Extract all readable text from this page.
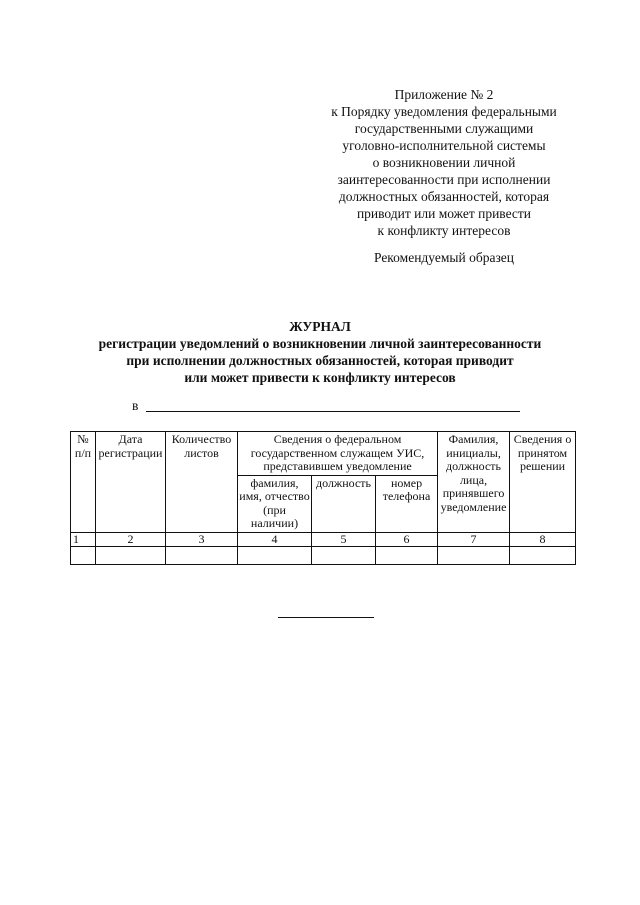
Приложение № 2
к Порядку уведомления федеральными
государственными служащими
уголовно-исполнительной системы
о возникновении личной
заинтересованности при исполнении
должностных обязанностей, которая
приводит или может привести
к конфликту интересов
Рекомендуемый образец
ЖУРНАЛ
регистрации уведомлений о возникновении личной заинтересованности
при исполнении должностных обязанностей, которая приводит
или может привести к конфликту интересов
в
№ п/п	Дата регистрации	Количество листов	Сведения о федеральном государственном служащем УИС, представившем уведомление			Фамилия, инициалы, должность лица, принявшего уведомление	Сведения о принятом решении
			фамилия, имя, отчество (при наличии)	должность	номер телефона		
1	2	3	4	5	6	7	8
